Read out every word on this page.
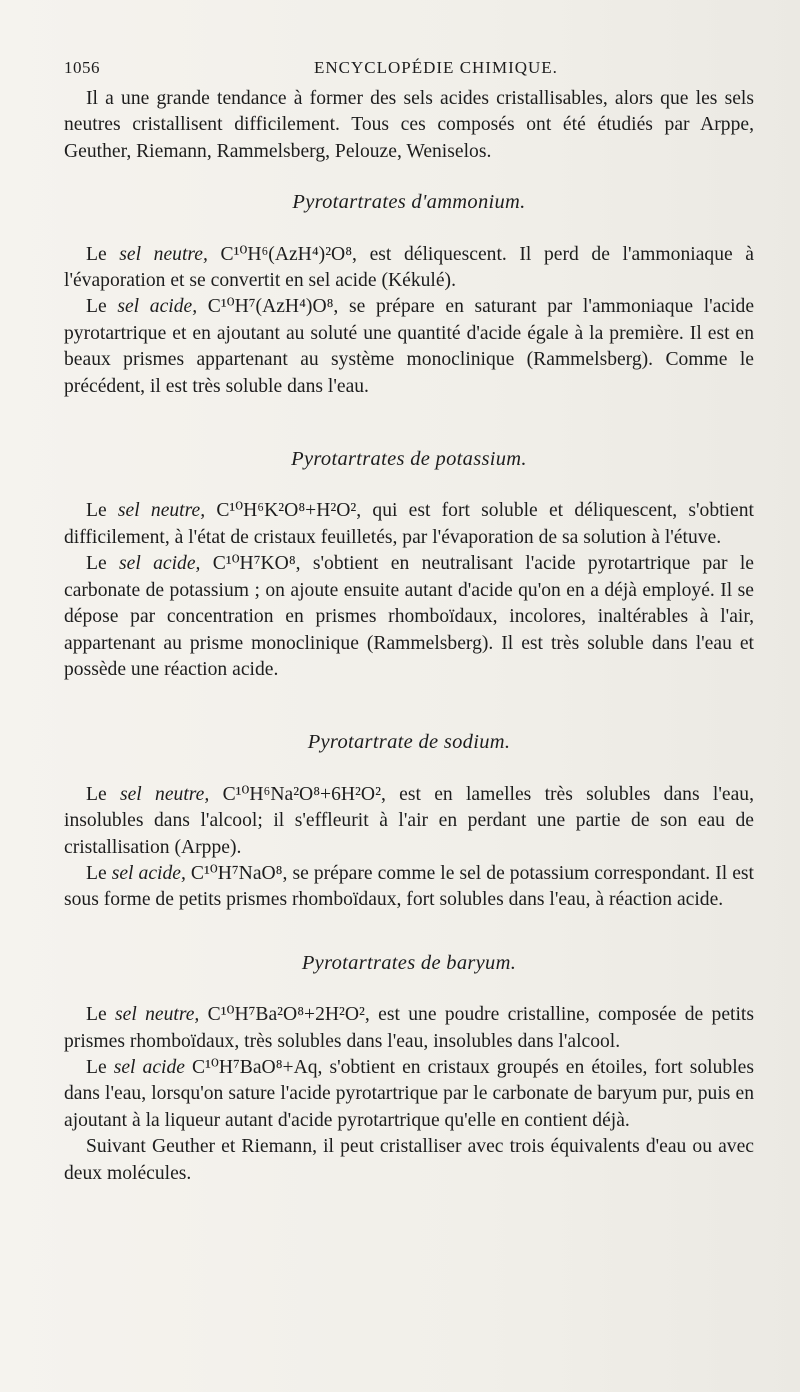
1056	ENCYCLOPÉDIE CHIMIQUE.

Il a une grande tendance à former des sels acides cristallisables, alors que les sels neutres cristallisent difficilement. Tous ces composés ont été étudiés par Arppe, Geuther, Riemann, Rammelsberg, Pelouze, Weniselos.

Pyrotartrates d'ammonium.

Le sel neutre, C¹⁰H⁶(AzH⁴)²O⁸, est déliquescent. Il perd de l'ammoniaque à l'évaporation et se convertit en sel acide (Kékulé).

Le sel acide, C¹⁰H⁷(AzH⁴)O⁸, se prépare en saturant par l'ammoniaque l'acide pyrotartrique et en ajoutant au soluté une quantité d'acide égale à la première. Il est en beaux prismes appartenant au système monoclinique (Rammelsberg). Comme le précédent, il est très soluble dans l'eau.

Pyrotartrates de potassium.

Le sel neutre, C¹⁰H⁶K²O⁸+H²O², qui est fort soluble et déliquescent, s'obtient difficilement, à l'état de cristaux feuilletés, par l'évaporation de sa solution à l'étuve.

Le sel acide, C¹⁰H⁷KO⁸, s'obtient en neutralisant l'acide pyrotartrique par le carbonate de potassium ; on ajoute ensuite autant d'acide qu'on en a déjà employé. Il se dépose par concentration en prismes rhomboïdaux, incolores, inaltérables à l'air, appartenant au prisme monoclinique (Rammelsberg). Il est très soluble dans l'eau et possède une réaction acide.

Pyrotartrate de sodium.

Le sel neutre, C¹⁰H⁶Na²O⁸+6H²O², est en lamelles très solubles dans l'eau, insolubles dans l'alcool; il s'effleurit à l'air en perdant une partie de son eau de cristallisation (Arppe).

Le sel acide, C¹⁰H⁷NaO⁸, se prépare comme le sel de potassium correspondant. Il est sous forme de petits prismes rhomboïdaux, fort solubles dans l'eau, à réaction acide.

Pyrotartrates de baryum.

Le sel neutre, C¹⁰H⁷Ba²O⁸+2H²O², est une poudre cristalline, composée de petits prismes rhomboïdaux, très solubles dans l'eau, insolubles dans l'alcool.

Le sel acide C¹⁰H⁷BaO⁸+Aq, s'obtient en cristaux groupés en étoiles, fort solubles dans l'eau, lorsqu'on sature l'acide pyrotartrique par le carbonate de baryum pur, puis en ajoutant à la liqueur autant d'acide pyrotartrique qu'elle en contient déjà.

Suivant Geuther et Riemann, il peut cristalliser avec trois équivalents d'eau ou avec deux molécules.
